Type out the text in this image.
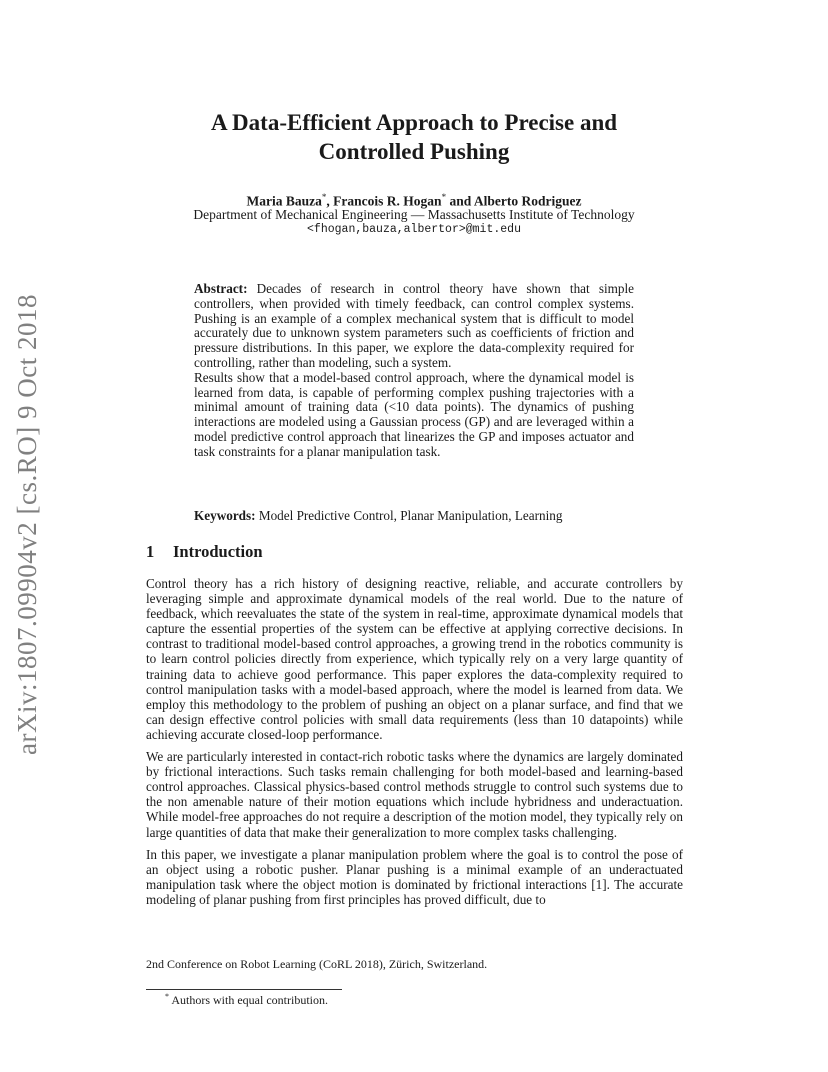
arXiv:1807.09904v2 [cs.RO] 9 Oct 2018
A Data-Efficient Approach to Precise and
Controlled Pushing
Maria Bauza*, Francois R. Hogan* and Alberto Rodriguez
Department of Mechanical Engineering — Massachusetts Institute of Technology
<fhogan,bauza,albertor>@mit.edu

Abstract: Decades of research in control theory have shown that simple controllers, when provided with timely feedback, can control complex systems. Pushing is an example of a complex mechanical system that is difficult to model accurately due to unknown system parameters such as coefficients of friction and pressure distributions. In this paper, we explore the data-complexity required for controlling, rather than modeling, such a system.

Results show that a model-based control approach, where the dynamical model is learned from data, is capable of performing complex pushing trajectories with a minimal amount of training data (<10 data points). The dynamics of pushing interactions are modeled using a Gaussian process (GP) and are leveraged within a model predictive control approach that linearizes the GP and imposes actuator and task constraints for a planar manipulation task.

Keywords: Model Predictive Control, Planar Manipulation, Learning
1 Introduction

Control theory has a rich history of designing reactive, reliable, and accurate controllers by leveraging simple and approximate dynamical models of the real world. Due to the nature of feedback, which reevaluates the state of the system in real-time, approximate dynamical models that capture the essential properties of the system can be effective at applying corrective decisions. In contrast to traditional model-based control approaches, a growing trend in the robotics community is to learn control policies directly from experience, which typically rely on a very large quantity of training data to achieve good performance. This paper explores the data-complexity required to control manipulation tasks with a model-based approach, where the model is learned from data. We employ this methodology to the problem of pushing an object on a planar surface, and find that we can design effective control policies with small data requirements (less than 10 datapoints) while achieving accurate closed-loop performance.

We are particularly interested in contact-rich robotic tasks where the dynamics are largely dominated by frictional interactions. Such tasks remain challenging for both model-based and learning-based control approaches. Classical physics-based control methods struggle to control such systems due to the non amenable nature of their motion equations which include hybridness and underactuation. While model-free approaches do not require a description of the motion model, they typically rely on large quantities of data that make their generalization to more complex tasks challenging.

In this paper, we investigate a planar manipulation problem where the goal is to control the pose of an object using a robotic pusher. Planar pushing is a minimal example of an underactuated manipulation task where the object motion is dominated by frictional interactions [1]. The accurate modeling of planar pushing from first principles has proved difficult, due to

2nd Conference on Robot Learning (CoRL 2018), Zürich, Switzerland.
* Authors with equal contribution.
